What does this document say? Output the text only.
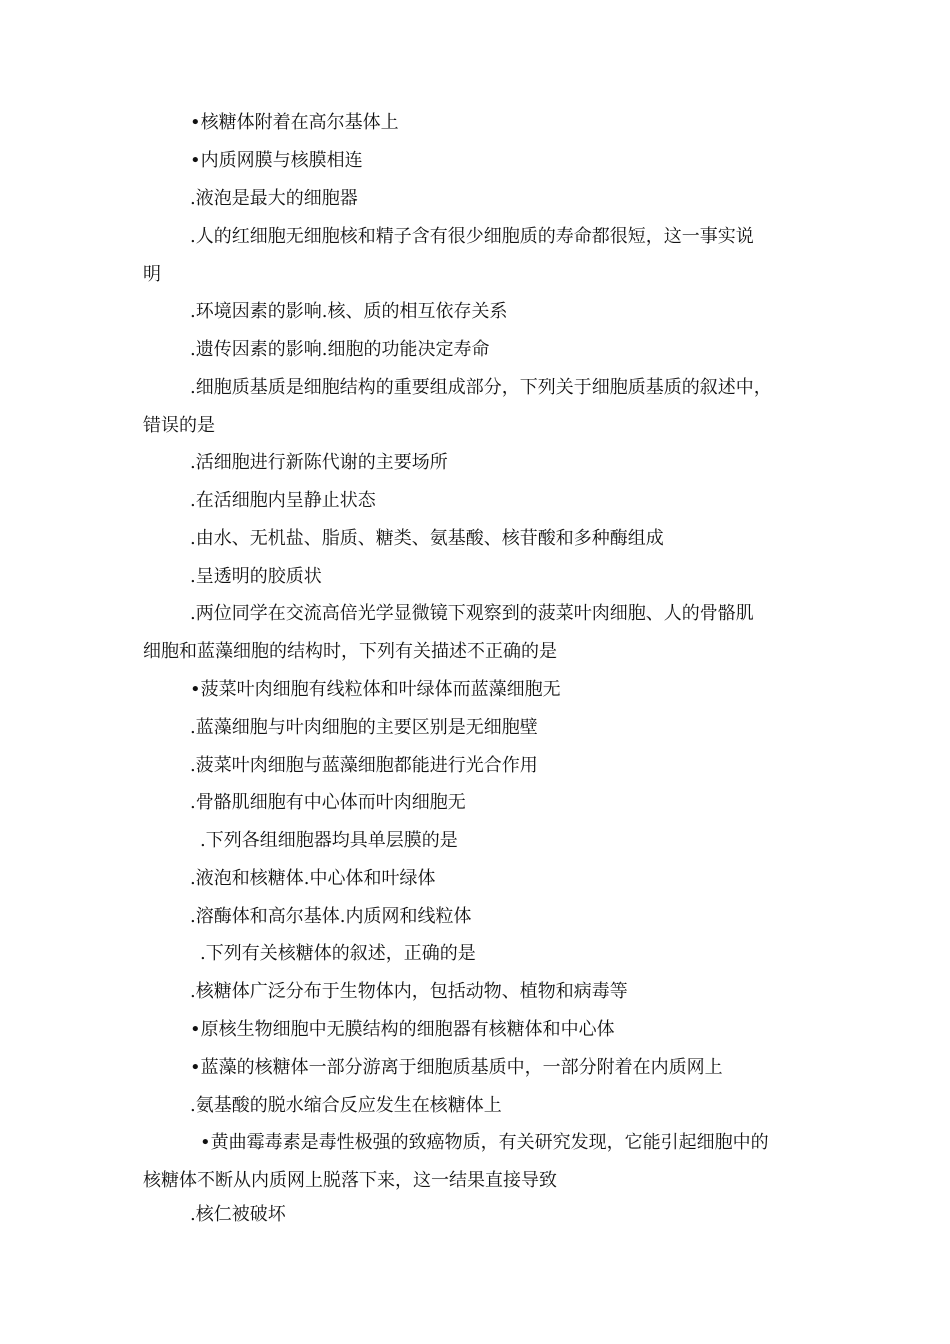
•核糖体附着在高尔基体上
•内质网膜与核膜相连
.液泡是最大的细胞器
.人的红细胞无细胞核和精子含有很少细胞质的寿命都很短，这一事实说
明
.环境因素的影响.核、质的相互依存关系
.遗传因素的影响.细胞的功能决定寿命
.细胞质基质是细胞结构的重要组成部分，下列关于细胞质基质的叙述中，
错误的是
.活细胞进行新陈代谢的主要场所
.在活细胞内呈静止状态
.由水、无机盐、脂质、糖类、氨基酸、核苷酸和多种酶组成
.呈透明的胶质状
.两位同学在交流高倍光学显微镜下观察到的菠菜叶肉细胞、人的骨骼肌
细胞和蓝藻细胞的结构时，下列有关描述不正确的是
•菠菜叶肉细胞有线粒体和叶绿体而蓝藻细胞无
.蓝藻细胞与叶肉细胞的主要区别是无细胞壁
.菠菜叶肉细胞与蓝藻细胞都能进行光合作用
.骨骼肌细胞有中心体而叶肉细胞无
.下列各组细胞器均具单层膜的是
.液泡和核糖体.中心体和叶绿体
.溶酶体和高尔基体.内质网和线粒体
.下列有关核糖体的叙述，正确的是
.核糖体广泛分布于生物体内，包括动物、植物和病毒等
•原核生物细胞中无膜结构的细胞器有核糖体和中心体
•蓝藻的核糖体一部分游离于细胞质基质中，一部分附着在内质网上
.氨基酸的脱水缩合反应发生在核糖体上
•黄曲霉毒素是毒性极强的致癌物质，有关研究发现，它能引起细胞中的
核糖体不断从内质网上脱落下来，这一结果直接导致
.核仁被破坏
